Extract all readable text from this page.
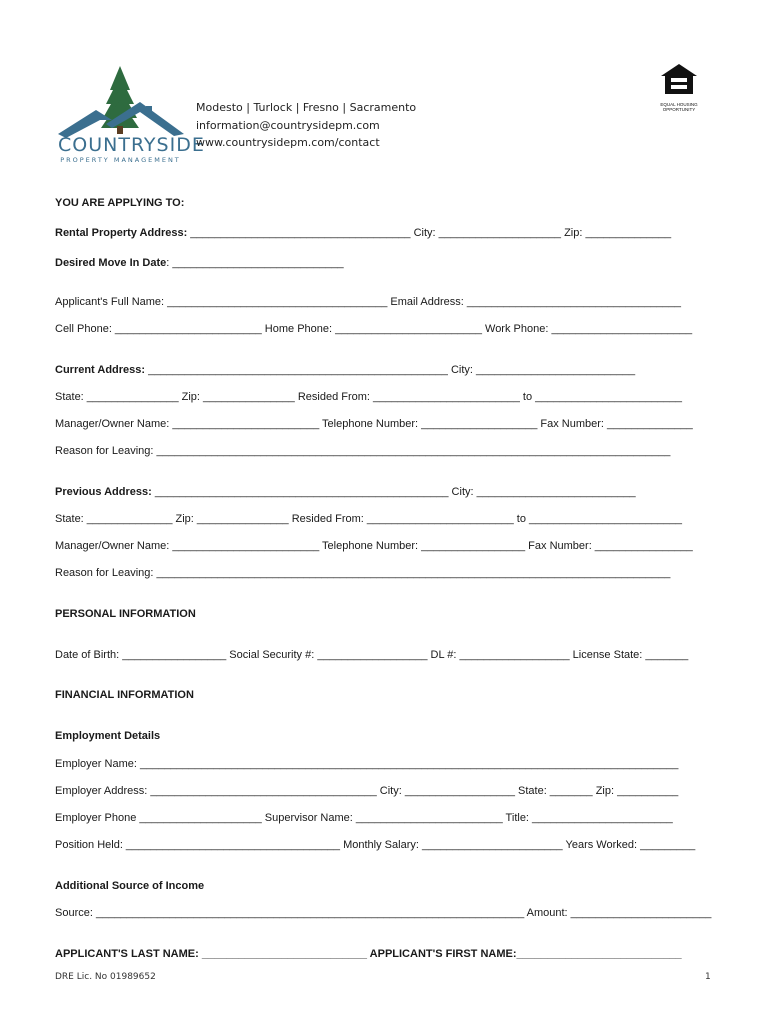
COUNTRYSIDE
PROPERTY MANAGEMENT
Modesto | Turlock | Fresno | Sacramento
information@countrysidepm.com
www.countrysidepm.com/contact
EQUAL HOUSING OPPORTUNITY
YOU ARE APPLYING TO:
Rental Property Address: ____________________________________ City: ____________________ Zip: ______________
Desired Move In Date: ____________________________
Applicant's Full Name: ____________________________________ Email Address: ___________________________________
Cell Phone: ________________________ Home Phone: ________________________ Work Phone: _______________________
Current Address: _________________________________________________ City: __________________________
State: _______________ Zip: _______________ Resided From: ________________________ to ________________________
Manager/Owner Name: ________________________ Telephone Number: ___________________ Fax Number: ______________
Reason for Leaving: ____________________________________________________________________________________
Previous Address: ________________________________________________ City: __________________________
State: ______________ Zip: _______________ Resided From: ________________________ to _________________________
Manager/Owner Name: ________________________ Telephone Number: _________________ Fax Number: ________________
Reason for Leaving: ____________________________________________________________________________________
PERSONAL INFORMATION
Date of Birth: _________________ Social Security #: __________________ DL #: __________________ License State: _______
FINANCIAL INFORMATION
Employment Details
Employer Name: ________________________________________________________________________________________
Employer Address: _____________________________________ City: __________________ State: _______ Zip: __________
Employer Phone ____________________ Supervisor Name: ________________________ Title: _______________________
Position Held: ___________________________________ Monthly Salary: _______________________ Years Worked: _________
Additional Source of Income
Source: ______________________________________________________________________ Amount: _______________________
APPLICANT'S LAST NAME: ___________________________ APPLICANT'S FIRST NAME:___________________________
DRE Lic. No 01989652	1
